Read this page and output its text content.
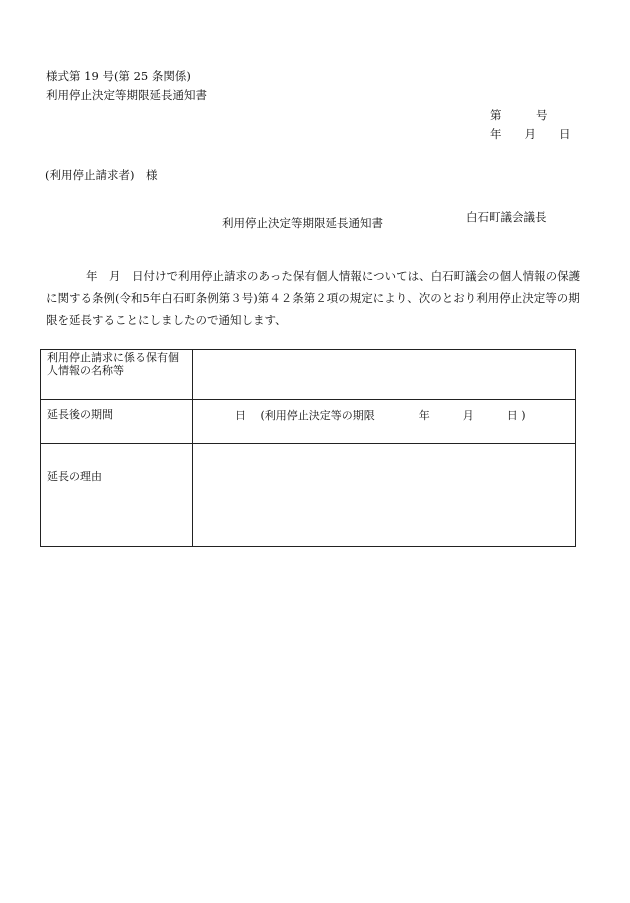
様式第 19 号(第 25 条関係)
利用停止決定等期限延長通知書
第　　　号
年　　月　　日
(利用停止請求者)　様
利用停止決定等期限延長通知書	白石町議会議長
年　月　日付けで利用停止請求のあった保有個人情報については、白石町議会の個人情報の保護に関する条例(令和5年白石町条例第３号)第４２条第２項の規定により、次のとおり利用停止決定等の期限を延長することにしましたので通知します、
利用停止請求に係る保有個人情報の名称等	

延長後の期間	日　 (利用停止決定等の期限　　　　年　　　月　　　日 )

延長の理由	
